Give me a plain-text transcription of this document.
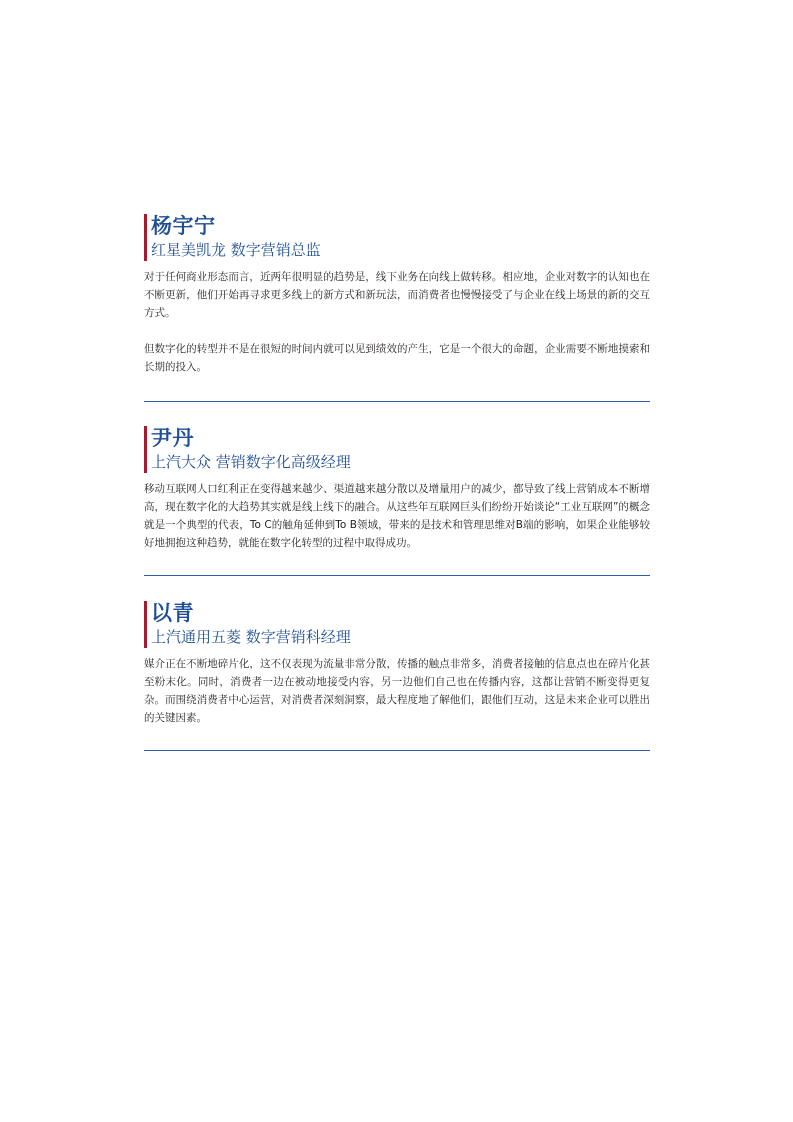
杨宇宁
红星美凯龙 数字营销总监
对于任何商业形态而言，近两年很明显的趋势是，线下业务在向线上做转移。相应地，企业对数字的认知也在不断更新，他们开始再寻求更多线上的新方式和新玩法，而消费者也慢慢接受了与企业在线上场景的新的交互方式。
但数字化的转型并不是在很短的时间内就可以见到绩效的产生，它是一个很大的命题，企业需要不断地摸索和长期的投入。
尹丹
上汽大众 营销数字化高级经理
移动互联网人口红利正在变得越来越少、渠道越来越分散以及增量用户的减少，都导致了线上营销成本不断增高，现在数字化的大趋势其实就是线上线下的融合。从这些年互联网巨头们纷纷开始谈论“工业互联网”的概念就是一个典型的代表，To C的触角延伸到To B领域，带来的是技术和管理思维对B端的影响，如果企业能够较好地拥抱这种趋势，就能在数字化转型的过程中取得成功。
以青
上汽通用五菱 数字营销科经理
媒介正在不断地碎片化，这不仅表现为流量非常分散，传播的触点非常多，消费者接触的信息点也在碎片化甚至粉末化。同时，消费者一边在被动地接受内容，另一边他们自己也在传播内容，这都让营销不断变得更复杂。而围绕消费者中心运营，对消费者深刻洞察，最大程度地了解他们，跟他们互动，这是未来企业可以胜出的关键因素。
